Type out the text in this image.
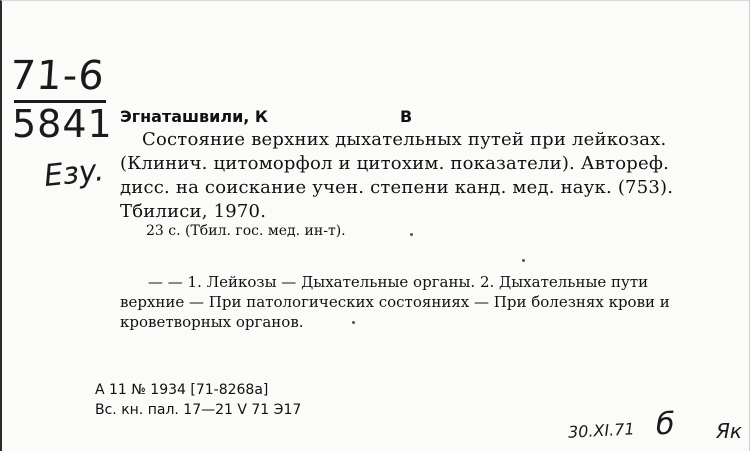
71-6
5841
Eзy.
Эгнаташвили, К	В
Состояние верхних дыхательных путей при лейкозах.
(Клинич. цитоморфол и цитохим. показатели). Автореф.
дисс. на соискание учен. степени канд. мед. наук. (753).
Тбилиси, 1970.
23 с. (Тбил. гос. мед. ин-т).
— — 1. Лейкозы — Дыхательные органы. 2. Дыхательные пути
верхние — При патологических состояниях — При болезнях крови и
кроветворных органов.
А 11 № 1934 [71-8268а]
Вс. кн. пал. 17—21 V 71 Э17
30.XI.71 б Як
